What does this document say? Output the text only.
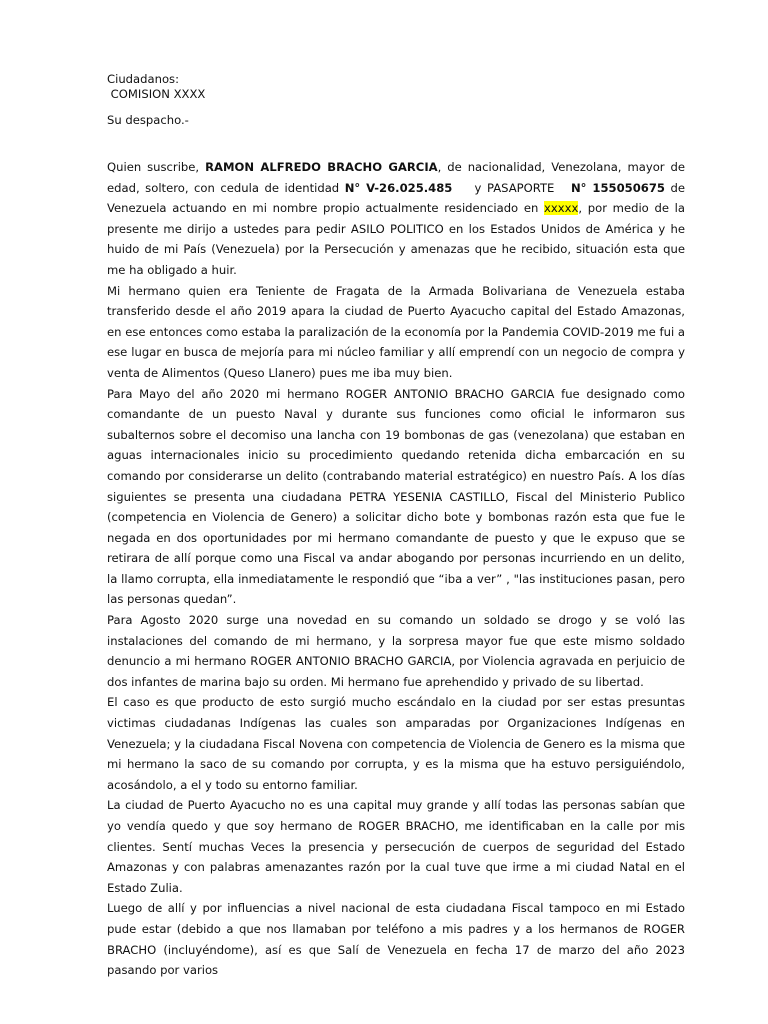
Ciudadanos:
COMISION XXXX
Su despacho.-

Quien suscribe, RAMON ALFREDO BRACHO GARCIA, de nacionalidad, Venezolana, mayor de edad, soltero, con cedula de identidad N° V-26.025.485    y PASAPORTE   N° 155050675 de Venezuela actuando en mi nombre propio actualmente residenciado en xxxxx, por medio de la presente me dirijo a ustedes para pedir ASILO POLITICO en los Estados Unidos de América y he huido de mi País (Venezuela) por la Persecución y amenazas que he recibido, situación esta que me ha obligado a huir.

Mi hermano quien era Teniente de Fragata de la Armada Bolivariana de Venezuela estaba transferido desde el año 2019 apara la ciudad de Puerto Ayacucho capital del Estado Amazonas, en ese entonces como estaba la paralización de la economía por la Pandemia COVID-2019 me fui a ese lugar en busca de mejoría para mi núcleo familiar y allí emprendí con un negocio de compra y venta de Alimentos (Queso Llanero) pues me iba muy bien.

Para Mayo del año 2020 mi hermano ROGER ANTONIO BRACHO GARCIA fue designado como comandante de un puesto Naval y durante sus funciones como oficial le informaron sus subalternos sobre el decomiso una lancha con 19 bombonas de gas (venezolana) que estaban en aguas internacionales inicio su procedimiento quedando retenida dicha embarcación en su comando por considerarse un delito (contrabando material estratégico) en nuestro País. A los días siguientes se presenta una ciudadana PETRA YESENIA CASTILLO, Fiscal del Ministerio Publico (competencia en Violencia de Genero) a solicitar dicho bote y bombonas razón esta que fue le negada en dos oportunidades por mi hermano comandante de puesto y que le expuso que se retirara de allí porque como una Fiscal va andar abogando por personas incurriendo en un delito, la llamo corrupta, ella inmediatamente le respondió que “iba a ver” , "las instituciones pasan, pero las personas quedan”.

Para Agosto 2020 surge una novedad en su comando un soldado se drogo y se voló las instalaciones del comando de mi hermano, y la sorpresa mayor fue que este mismo soldado denuncio a mi hermano ROGER ANTONIO BRACHO GARCIA, por Violencia agravada en perjuicio de dos infantes de marina bajo su orden. Mi hermano fue aprehendido y privado de su libertad.

El caso es que producto de esto surgió mucho escándalo en la ciudad por ser estas presuntas victimas ciudadanas Indígenas las cuales son amparadas por Organizaciones Indígenas en Venezuela; y la ciudadana Fiscal Novena con competencia de Violencia de Genero es la misma que mi hermano la saco de su comando por corrupta, y es la misma que ha estuvo persiguiéndolo, acosándolo, a el y todo su entorno familiar.

La ciudad de Puerto Ayacucho no es una capital muy grande y allí todas las personas sabían que yo vendía quedo y que soy hermano de ROGER BRACHO, me identificaban en la calle por mis clientes. Sentí muchas Veces la presencia y persecución de cuerpos de seguridad del Estado Amazonas y con palabras amenazantes razón por la cual tuve que irme a mi ciudad Natal en el Estado Zulia.

Luego de allí y por influencias a nivel nacional de esta ciudadana Fiscal tampoco en mi Estado pude estar (debido a que nos llamaban por teléfono a mis padres y a los hermanos de ROGER BRACHO (incluyéndome), así es que Salí de Venezuela en fecha 17 de marzo del año 2023 pasando por varios
